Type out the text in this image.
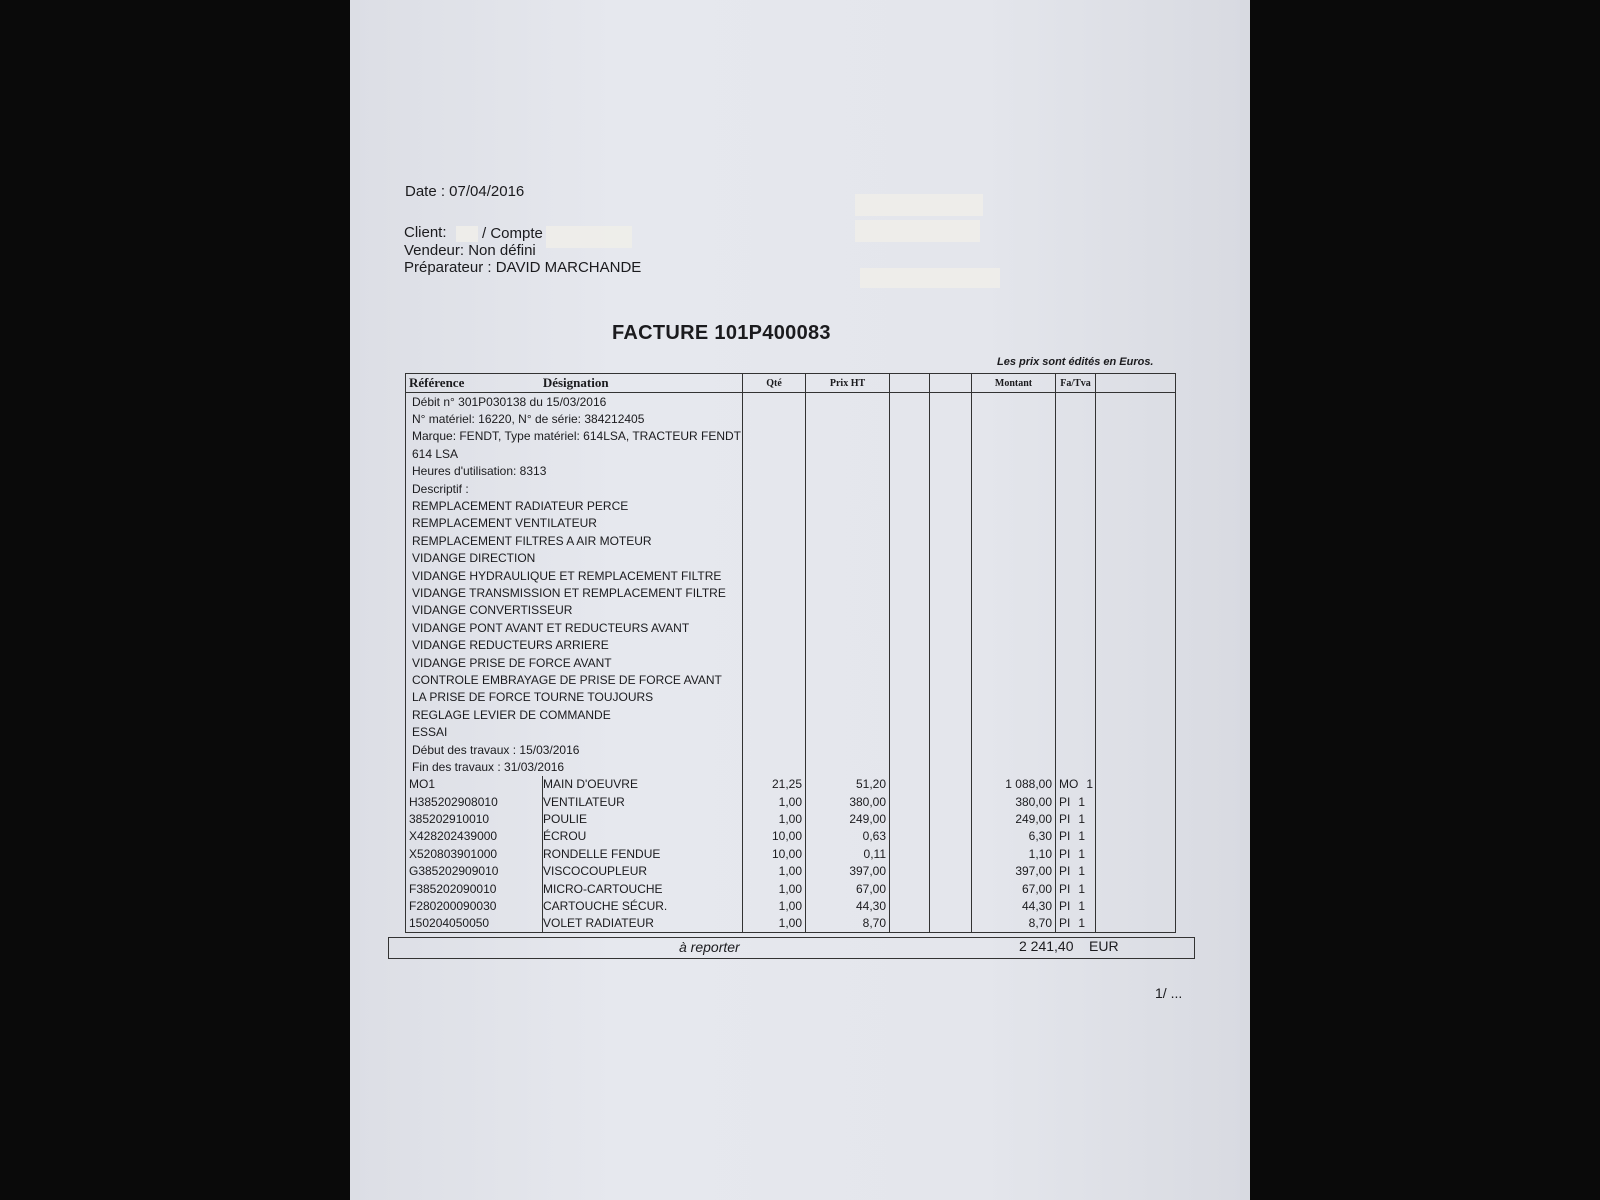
Date : 07/04/2016
Client: / Compte
Vendeur: Non défini
Préparateur : DAVID MARCHANDE
FACTURE 101P400083
Les prix sont édités en Euros.
Référence Désignation		Qté	Prix HT			Montant	Fa/Tva	
Débit n° 301P030138 du 15/03/2016								
N° matériel: 16220, N° de série: 384212405								
Marque: FENDT, Type matériel: 614LSA, TRACTEUR FENDT								
614 LSA								
Heures d'utilisation: 8313								
Descriptif :								
REMPLACEMENT RADIATEUR PERCE								
REMPLACEMENT VENTILATEUR								
REMPLACEMENT FILTRES A AIR MOTEUR								
VIDANGE DIRECTION								
VIDANGE HYDRAULIQUE ET REMPLACEMENT FILTRE								
VIDANGE TRANSMISSION ET REMPLACEMENT FILTRE								
VIDANGE CONVERTISSEUR								
VIDANGE PONT AVANT ET REDUCTEURS AVANT								
VIDANGE REDUCTEURS ARRIERE								
VIDANGE PRISE DE FORCE AVANT								
CONTROLE EMBRAYAGE DE PRISE DE FORCE AVANT								
LA PRISE DE FORCE TOURNE TOUJOURS								
REGLAGE LEVIER DE COMMANDE								
ESSAI								
Début des travaux : 15/03/2016								
Fin des travaux : 31/03/2016								
MO1	MAIN D'OEUVRE	21,25	51,20			1 088,00	MO 1	
H385202908010	VENTILATEUR	1,00	380,00			380,00	PI 1	
385202910010	POULIE	1,00	249,00			249,00	PI 1	
X428202439000	ÉCROU	10,00	0,63			6,30	PI 1	
X520803901000	RONDELLE FENDUE	10,00	0,11			1,10	PI 1	
G385202909010	VISCOCOUPLEUR	1,00	397,00			397,00	PI 1	
F385202090010	MICRO-CARTOUCHE	1,00	67,00			67,00	PI 1	
F280200090030	CARTOUCHE SÉCUR.	1,00	44,30			44,30	PI 1	
150204050050	VOLET RADIATEUR	1,00	8,70			8,70	PI 1	
à reporter	2 241,40 EUR
1/ ...
